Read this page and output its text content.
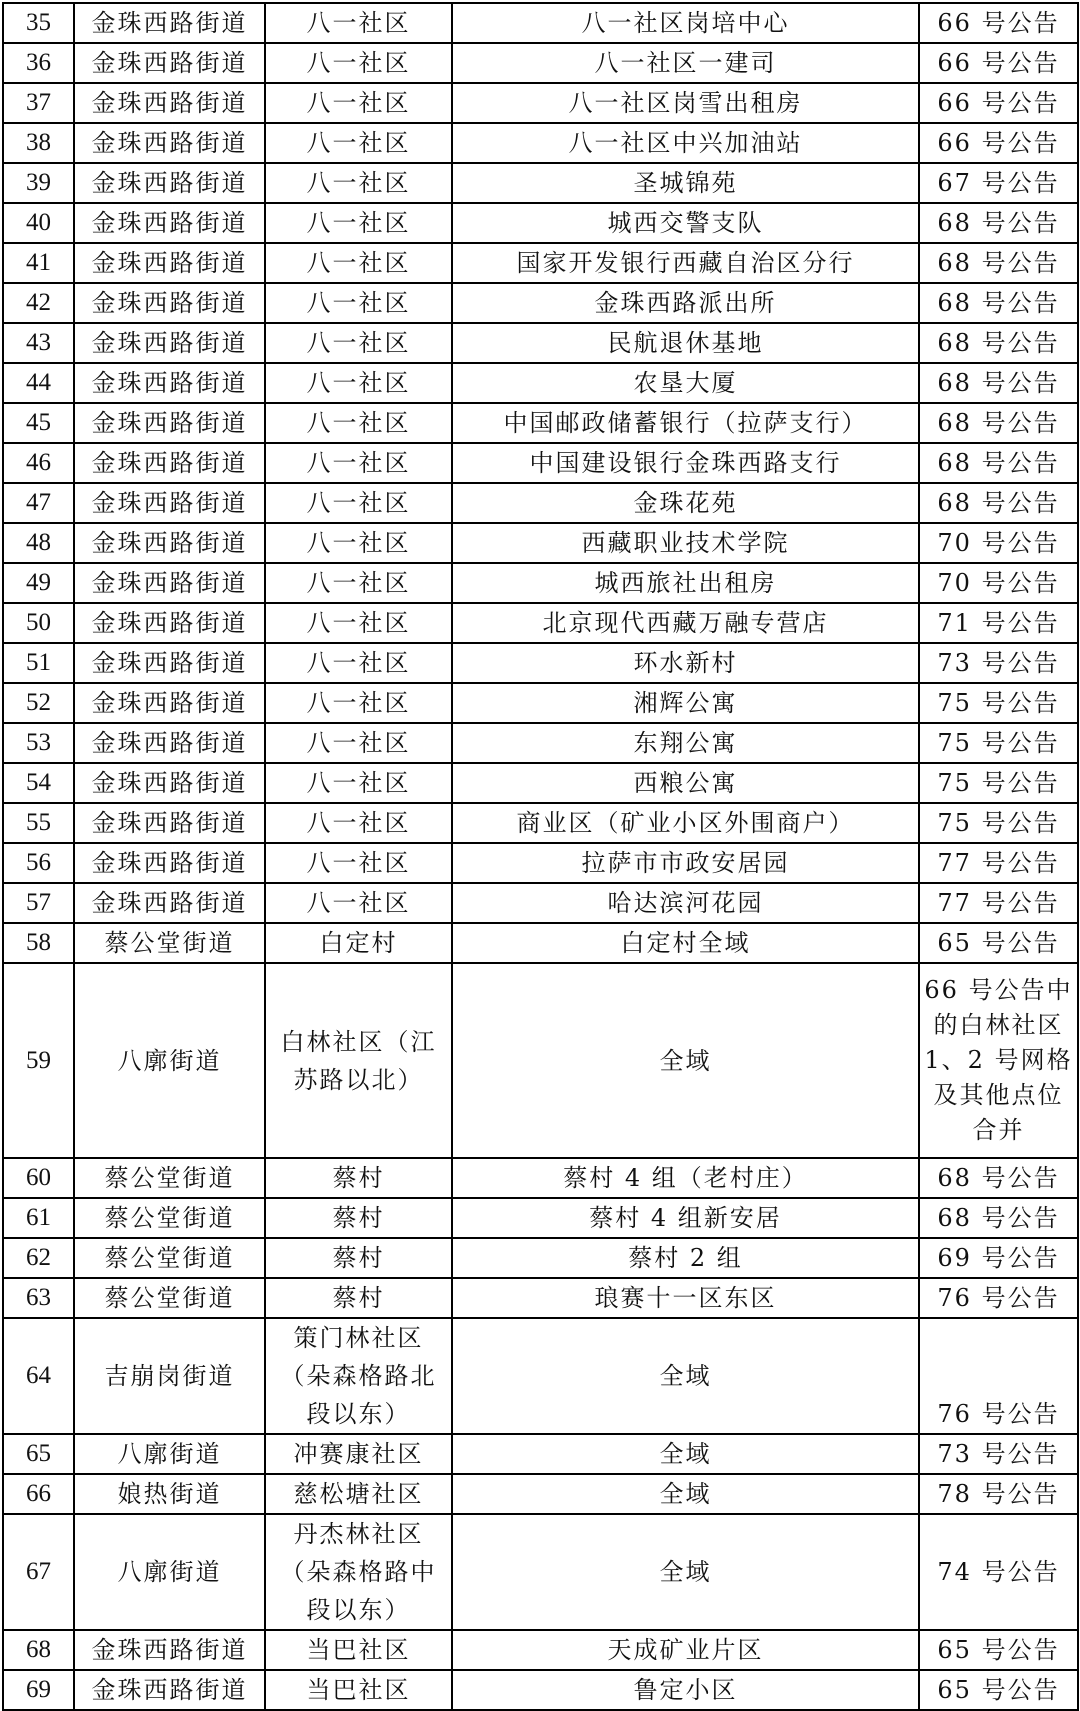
35	金珠西路街道	八一社区	八一社区岗培中心	66 号公告
36	金珠西路街道	八一社区	八一社区一建司	66 号公告
37	金珠西路街道	八一社区	八一社区岗雪出租房	66 号公告
38	金珠西路街道	八一社区	八一社区中兴加油站	66 号公告
39	金珠西路街道	八一社区	圣城锦苑	67 号公告
40	金珠西路街道	八一社区	城西交警支队	68 号公告
41	金珠西路街道	八一社区	国家开发银行西藏自治区分行	68 号公告
42	金珠西路街道	八一社区	金珠西路派出所	68 号公告
43	金珠西路街道	八一社区	民航退休基地	68 号公告
44	金珠西路街道	八一社区	农垦大厦	68 号公告
45	金珠西路街道	八一社区	中国邮政储蓄银行（拉萨支行）	68 号公告
46	金珠西路街道	八一社区	中国建设银行金珠西路支行	68 号公告
47	金珠西路街道	八一社区	金珠花苑	68 号公告
48	金珠西路街道	八一社区	西藏职业技术学院	70 号公告
49	金珠西路街道	八一社区	城西旅社出租房	70 号公告
50	金珠西路街道	八一社区	北京现代西藏万融专营店	71 号公告
51	金珠西路街道	八一社区	环水新村	73 号公告
52	金珠西路街道	八一社区	湘辉公寓	75 号公告
53	金珠西路街道	八一社区	东翔公寓	75 号公告
54	金珠西路街道	八一社区	西粮公寓	75 号公告
55	金珠西路街道	八一社区	商业区（矿业小区外围商户）	75 号公告
56	金珠西路街道	八一社区	拉萨市市政安居园	77 号公告
57	金珠西路街道	八一社区	哈达滨河花园	77 号公告
58	蔡公堂街道	白定村	白定村全域	65 号公告
59	八廓街道	白林社区（江苏路以北）	全域	66 号公告中的白林社区 1、2 号网格及其他点位合并
60	蔡公堂街道	蔡村	蔡村 4 组（老村庄）	68 号公告
61	蔡公堂街道	蔡村	蔡村 4 组新安居	68 号公告
62	蔡公堂街道	蔡村	蔡村 2 组	69 号公告
63	蔡公堂街道	蔡村	琅赛十一区东区	76 号公告
64	吉崩岗街道	策门林社区（朵森格路北段以东）	全域	76 号公告
65	八廓街道	冲赛康社区	全域	73 号公告
66	娘热街道	慈松塘社区	全域	78 号公告
67	八廓街道	丹杰林社区（朵森格路中段以东）	全域	74 号公告
68	金珠西路街道	当巴社区	天成矿业片区	65 号公告
69	金珠西路街道	当巴社区	鲁定小区	65 号公告
